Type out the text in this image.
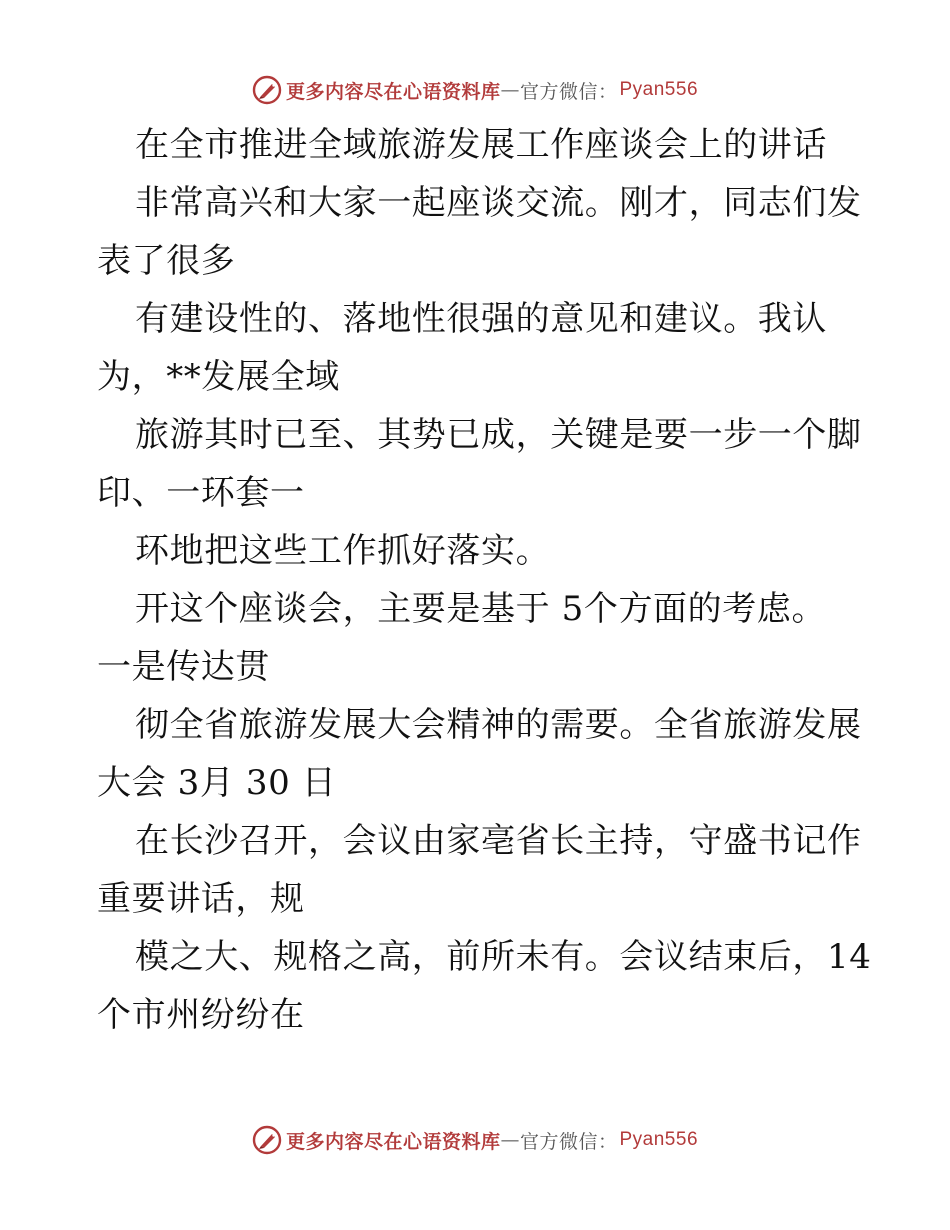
更多内容尽在心语资料库 — 官方微信： Pyan556
在全市推进全域旅游发展工作座谈会上的讲话
非常高兴和大家一起座谈交流。刚才，同志们发
表了很多
有建设性的、落地性很强的意见和建议。我认
为，**发展全域
旅游其时已至、其势已成，关键是要一步一个脚
印、一环套一
环地把这些工作抓好落实。
开这个座谈会，主要是基于 5个方面的考虑。
一是传达贯
彻全省旅游发展大会精神的需要。全省旅游发展
大会 3月 30 日
在长沙召开，会议由家亳省长主持，守盛书记作
重要讲话，规
模之大、规格之高，前所未有。会议结束后，14
个市州纷纷在
更多内容尽在心语资料库 — 官方微信： Pyan556
